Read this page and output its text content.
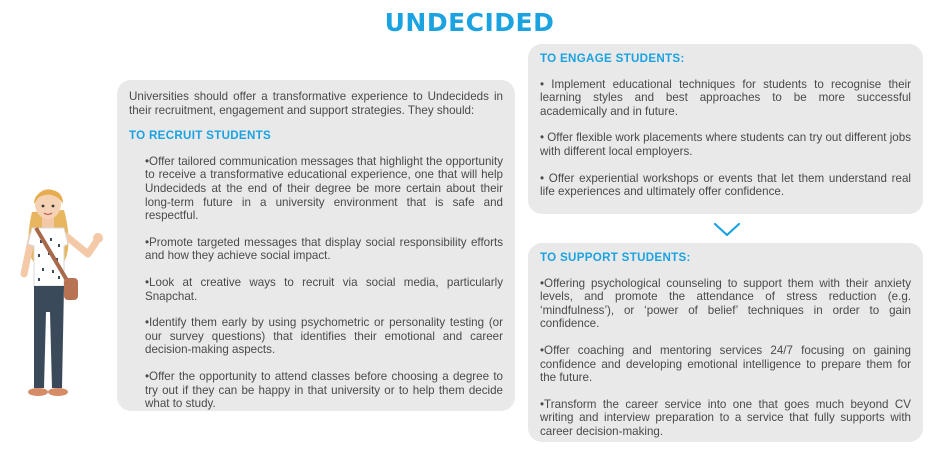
UNDECIDED

Universities should offer a transformative experience to Undecideds in their recruitment, engagement and support strategies. They should:

TO RECRUIT STUDENTS

•Offer tailored communication messages that highlight the opportunity to receive a transformative educational experience, one that will help Undecideds at the end of their degree be more certain about their long-term future in a university environment that is safe and respectful.

•Promote targeted messages that display social responsibility efforts and how they achieve social impact.

•Look at creative ways to recruit via social media, particularly Snapchat.

•Identify them early by using psychometric or personality testing (or our survey questions) that identifies their emotional and career decision-making aspects.

•Offer the opportunity to attend classes before choosing a degree to try out if they can be happy in that university or to help them decide what to study.

TO ENGAGE STUDENTS:

• Implement educational techniques for students to recognise their learning styles and best approaches to be more successful academically and in future.

• Offer flexible work placements where students can try out different jobs with different local employers.

• Offer experiential workshops or events that let them understand real life experiences and ultimately offer confidence.

TO SUPPORT STUDENTS:

•Offering psychological counseling to support them with their anxiety levels, and promote the attendance of stress reduction (e.g. ‘mindfulness’), or ‘power of belief’ techniques in order to gain confidence.

•Offer coaching and mentoring services 24/7 focusing on gaining confidence and developing emotional intelligence to prepare them for the future.

•Transform the career service into one that goes much beyond CV writing and interview preparation to a service that fully supports with career decision-making.
